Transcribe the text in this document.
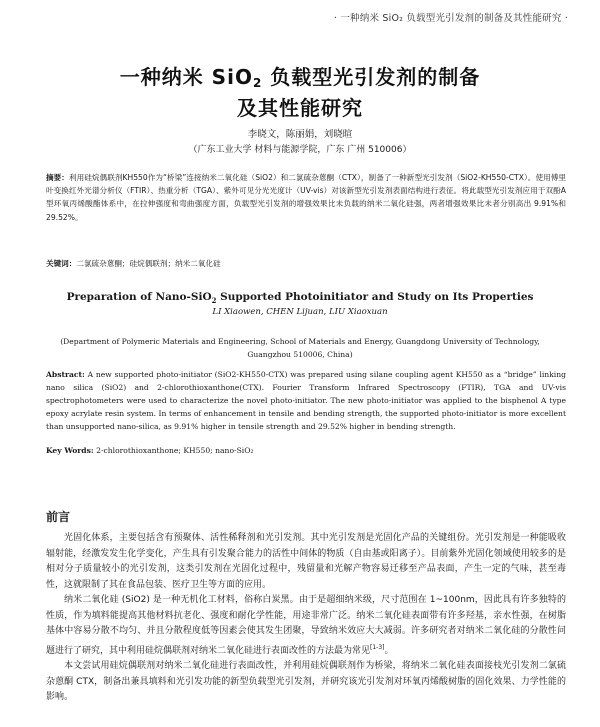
· 一种纳米 SiO₂ 负载型光引发剂的制备及其性能研究 ·
一种纳米 SiO$_2$ 负载型光引发剂的制备
及其性能研究
李晓文，陈丽娟，刘晓暄
（广东工业大学 材料与能源学院，广东 广州 510006）
摘要：利用硅烷偶联剂KH550作为“桥梁”连接纳米二氧化硅（SiO2）和二氯硫杂蒽酮（CTX），制备了一种新型光引发剂（SiO2-KH550-CTX）。使用傅里叶变换红外光谱分析仪（FTIR）、热重分析（TGA）、紫外可见分光光度计（UV-vis）对该新型光引发剂表面结构进行表征。将此载型光引发剂应用于双酚A型环氧丙烯酸酯体系中，在拉伸强度和弯曲强度方面，负载型光引发剂的增强效果比未负载的纳米二氧化硅强，两者增强效果比未者分别高出 9.91%和 29.52%。
关键词：二氯硫杂蒽酮；硅烷偶联剂；纳米二氧化硅
Preparation of Nano-SiO$_2$ Supported Photoinitiator and Study on Its Properties
LI Xiaowen, CHEN Lijuan, LIU Xiaoxuan
(Department of Polymeric Materials and Engineering, School of Materials and Energy, Guangdong University of Technology,
Guangzhou 510006, China)
Abstract: A new supported photo-initiator (SiO2-KH550-CTX) was prepared using silane coupling agent KH550 as a “bridge” linking nano silica (SiO2) and 2-chlorothioxanthone(CTX). Fourier Transform Infrared Spectroscopy (FTIR), TGA and UV-vis spectrophotometers were used to characterize the novel photo-initiator. The new photo-initiator was applied to the bisphenol A type epoxy acrylate resin system. In terms of enhancement in tensile and bending strength, the supported photo-initiator is more excellent than unsupported nano-silica, as 9.91% higher in tensile strength and 29.52% higher in bending strength.
Key Words: 2-chlorothioxanthone; KH550; nano-SiO₂
前言

光固化体系，主要包括含有预聚体、活性稀释剂和光引发剂。其中光引发剂是光固化产品的关键组份。光引发剂是一种能吸收辐射能，经激发发生化学变化，产生具有引发聚合能力的活性中间体的物质（自由基或阳离子）。目前紫外光固化领域使用较多的是相对分子质量较小的光引发剂，这类引发剂在光固化过程中，残留量和光解产物容易迁移至产品表面，产生一定的气味，甚至毒性，这就限制了其在食品包装、医疗卫生等方面的应用。

纳米二氧化硅 (SiO2) 是一种无机化工材料，俗称白炭黑。由于是超细纳米级，尺寸范围在 1~100nm，因此具有许多独特的性质，作为填料能提高其他材料抗老化、强度和耐化学性能，用途非常广泛。纳米二氧化硅表面带有许多羟基，亲水性强，在树脂基体中容易分散不均匀、并且分散程度低等因素会使其发生团聚，导致纳米效应大大减弱。许多研究者对纳米二氧化硅的分散性问题进行了研究，其中利用硅烷偶联剂对纳米二氧化硅进行表面改性的方法最为常见[1-3]。

本文尝试用硅烷偶联剂对纳米二氧化硅进行表面改性，并利用硅烷偶联剂作为桥梁，将纳米二氧化硅表面接枝光引发剂二氯硫杂蒽酮 CTX，制备出兼具填料和光引发功能的新型负载型光引发剂，并研究该光引发剂对环氧丙烯酸树脂的固化效果、力学性能的影响。
